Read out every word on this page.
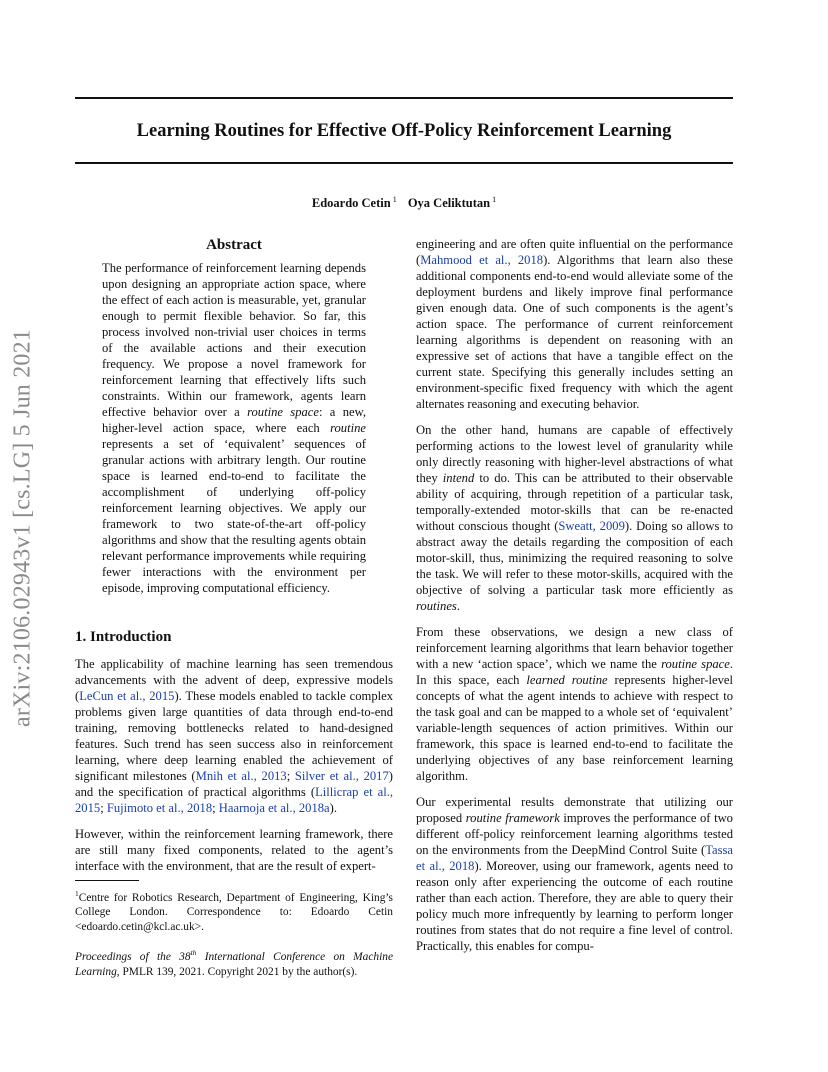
Learning Routines for Effective Off-Policy Reinforcement Learning
Edoardo Cetin $^1$ Oya Celiktutan $^1$
arXiv:2106.02943v1 [cs.LG] 5 Jun 2021
Abstract

The performance of reinforcement learning depends upon designing an appropriate action space, where the effect of each action is measurable, yet, granular enough to permit flexible behavior. So far, this process involved non-trivial user choices in terms of the available actions and their execution frequency. We propose a novel framework for reinforcement learning that effectively lifts such constraints. Within our framework, agents learn effective behavior over a routine space: a new, higher-level action space, where each routine represents a set of ‘equivalent’ sequences of granular actions with arbitrary length. Our routine space is learned end-to-end to facilitate the accomplishment of underlying off-policy reinforcement learning objectives. We apply our framework to two state-of-the-art off-policy algorithms and show that the resulting agents obtain relevant performance improvements while requiring fewer interactions with the environment per episode, improving computational efficiency.

1. Introduction

The applicability of machine learning has seen tremendous advancements with the advent of deep, expressive models (LeCun et al., 2015). These models enabled to tackle complex problems given large quantities of data through end-to-end training, removing bottlenecks related to hand-designed features. Such trend has seen success also in reinforcement learning, where deep learning enabled the achievement of significant milestones (Mnih et al., 2013; Silver et al., 2017) and the specification of practical algorithms (Lillicrap et al., 2015; Fujimoto et al., 2018; Haarnoja et al., 2018a).

However, within the reinforcement learning framework, there are still many fixed components, related to the agent’s interface with the environment, that are the result of expert-

engineering and are often quite influential on the performance (Mahmood et al., 2018). Algorithms that learn also these additional components end-to-end would alleviate some of the deployment burdens and likely improve final performance given enough data. One of such components is the agent’s action space. The performance of current reinforcement learning algorithms is dependent on reasoning with an expressive set of actions that have a tangible effect on the current state. Specifying this generally includes setting an environment-specific fixed frequency with which the agent alternates reasoning and executing behavior.

On the other hand, humans are capable of effectively performing actions to the lowest level of granularity while only directly reasoning with higher-level abstractions of what they intend to do. This can be attributed to their observable ability of acquiring, through repetition of a particular task, temporally-extended motor-skills that can be re-enacted without conscious thought (Sweatt, 2009). Doing so allows to abstract away the details regarding the composition of each motor-skill, thus, minimizing the required reasoning to solve the task. We will refer to these motor-skills, acquired with the objective of solving a particular task more efficiently as routines.

From these observations, we design a new class of reinforcement learning algorithms that learn behavior together with a new ‘action space’, which we name the routine space. In this space, each learned routine represents higher-level concepts of what the agent intends to achieve with respect to the task goal and can be mapped to a whole set of ‘equivalent’ variable-length sequences of action primitives. Within our framework, this space is learned end-to-end to facilitate the underlying objectives of any base reinforcement learning algorithm.

Our experimental results demonstrate that utilizing our proposed routine framework improves the performance of two different off-policy reinforcement learning algorithms tested on the environments from the DeepMind Control Suite (Tassa et al., 2018). Moreover, using our framework, agents need to reason only after experiencing the outcome of each routine rather than each action. Therefore, they are able to query their policy much more infrequently by learning to perform longer routines from states that do not require a fine level of control. Practically, this enables for compu-

$^1$Centre for Robotics Research, Department of Engineering, King’s College London. Correspondence to: Edoardo Cetin <edoardo.cetin@kcl.ac.uk>.

Proceedings of the 38th International Conference on Machine Learning, PMLR 139, 2021. Copyright 2021 by the author(s).
